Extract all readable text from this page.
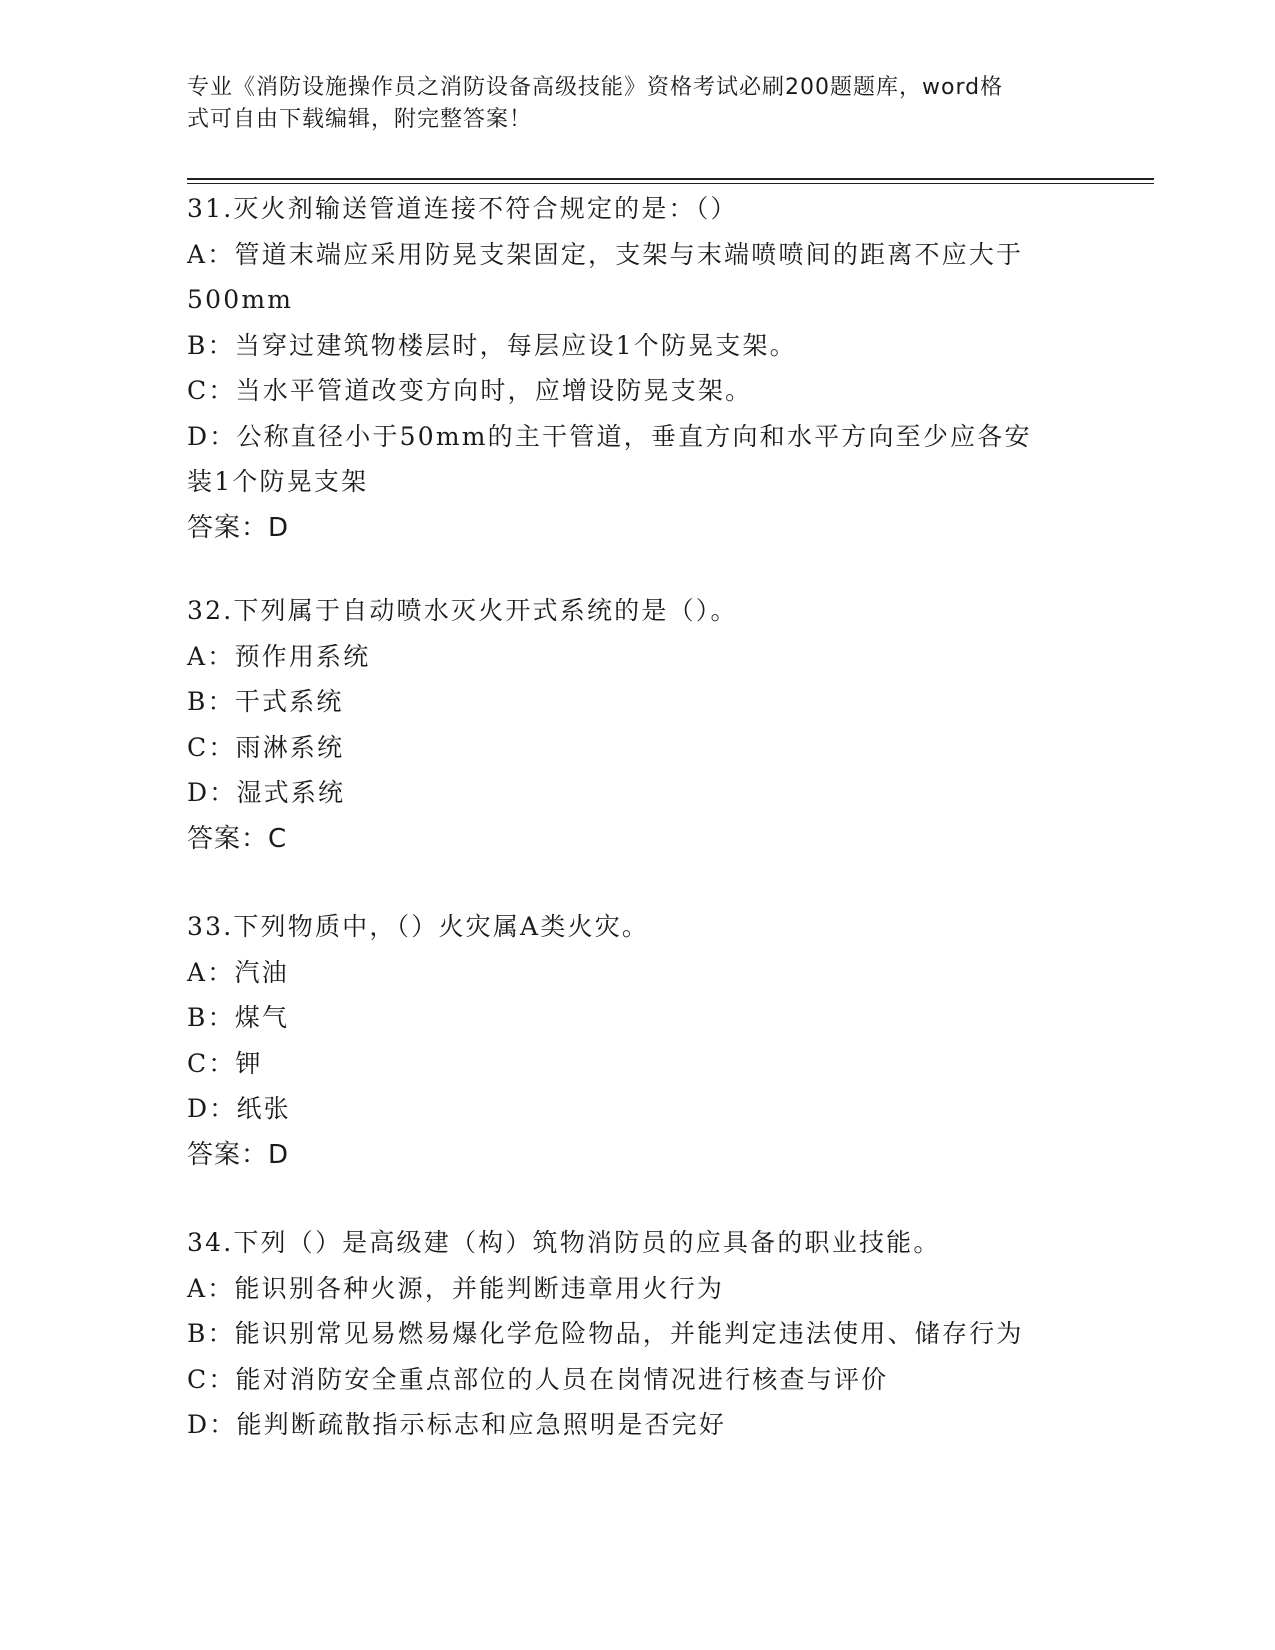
专业《消防设施操作员之消防设备高级技能》资格考试必刷200题题库，word格
式可自由下载编辑，附完整答案！
31.灭火剂输送管道连接不符合规定的是：（）
A：管道末端应采用防晃支架固定，支架与末端喷喷间的距离不应大于
500mm
B：当穿过建筑物楼层时，每层应设1个防晃支架。
C：当水平管道改变方向时，应增设防晃支架。
D：公称直径小于50mm的主干管道，垂直方向和水平方向至少应各安
装1个防晃支架
答案：D
32.下列属于自动喷水灭火开式系统的是（）。
A：预作用系统
B：干式系统
C：雨淋系统
D：湿式系统
答案：C
33.下列物质中，（）火灾属A类火灾。
A：汽油
B：煤气
C：钾
D：纸张
答案：D
34.下列（）是高级建（构）筑物消防员的应具备的职业技能。
A：能识别各种火源，并能判断违章用火行为
B：能识别常见易燃易爆化学危险物品，并能判定违法使用、储存行为
C：能对消防安全重点部位的人员在岗情况进行核查与评价
D：能判断疏散指示标志和应急照明是否完好
